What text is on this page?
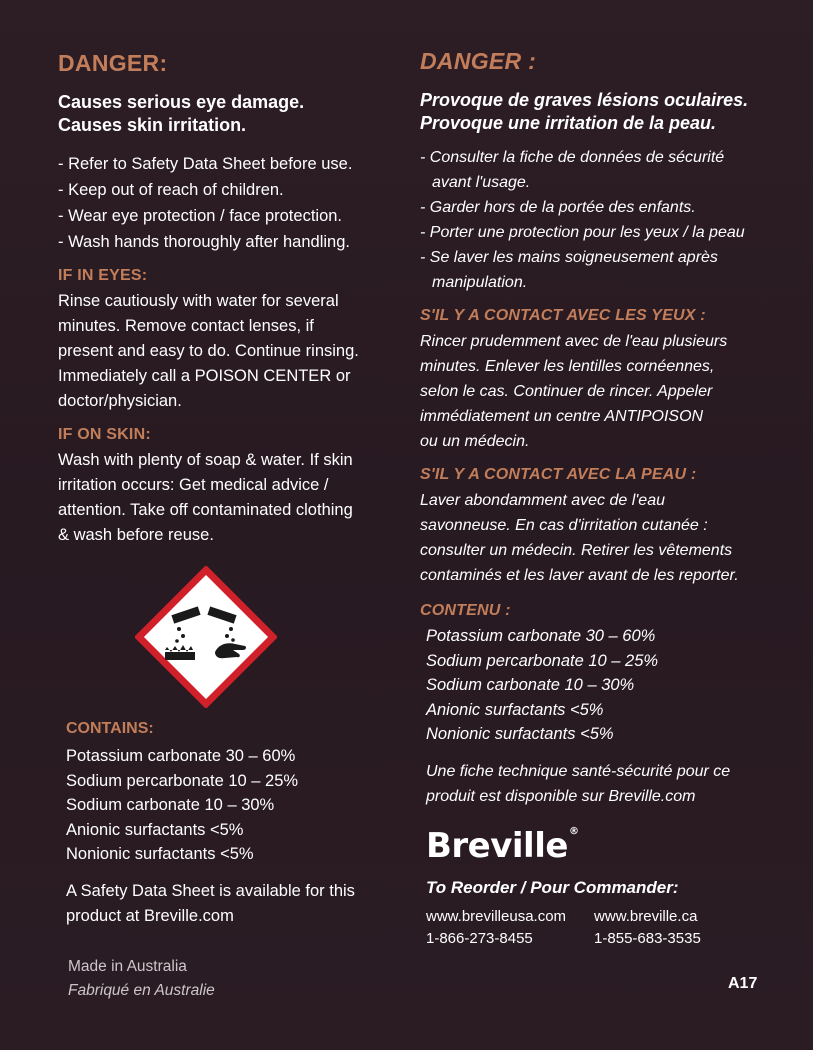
DANGER:
Causes serious eye damage.
Causes skin irritation.
- Refer to Safety Data Sheet before use.
- Keep out of reach of children.
- Wear eye protection / face protection.
- Wash hands thoroughly after handling.
IF IN EYES:
Rinse cautiously with water for several
minutes. Remove contact lenses, if
present and easy to do. Continue rinsing.
Immediately call a POISON CENTER or
doctor/physician.
IF ON SKIN:
Wash with plenty of soap & water. If skin
irritation occurs: Get medical advice /
attention. Take off contaminated clothing
& wash before reuse.
CONTAINS:
Potassium carbonate 30 – 60%
Sodium percarbonate 10 – 25%
Sodium carbonate 10 – 30%
Anionic surfactants <5%
Nonionic surfactants <5%
A Safety Data Sheet is available for this
product at Breville.com
Made in Australia
Fabriqué en Australie
DANGER :
Provoque de graves lésions oculaires.
Provoque une irritation de la peau.
- Consulter la fiche de données de sécurité
avant l'usage.
- Garder hors de la portée des enfants.
- Porter une protection pour les yeux / la peau
- Se laver les mains soigneusement après
manipulation.
S'IL Y A CONTACT AVEC LES YEUX :
Rincer prudemment avec de l'eau plusieurs
minutes. Enlever les lentilles cornéennes,
selon le cas. Continuer de rincer. Appeler
immédiatement un centre ANTIPOISON
ou un médecin.
S'IL Y A CONTACT AVEC LA PEAU :
Laver abondamment avec de l'eau
savonneuse. En cas d'irritation cutanée :
consulter un médecin. Retirer les vêtements
contaminés et les laver avant de les reporter.
CONTENU :
Potassium carbonate 30 – 60%
Sodium percarbonate 10 – 25%
Sodium carbonate 10 – 30%
Anionic surfactants <5%
Nonionic surfactants <5%
Une fiche technique santé-sécurité pour ce
produit est disponible sur Breville.com
Breville®
To Reorder / Pour Commander:
www.brevilleusa.com
1-866-273-8455
www.breville.ca
1-855-683-3535
A17
